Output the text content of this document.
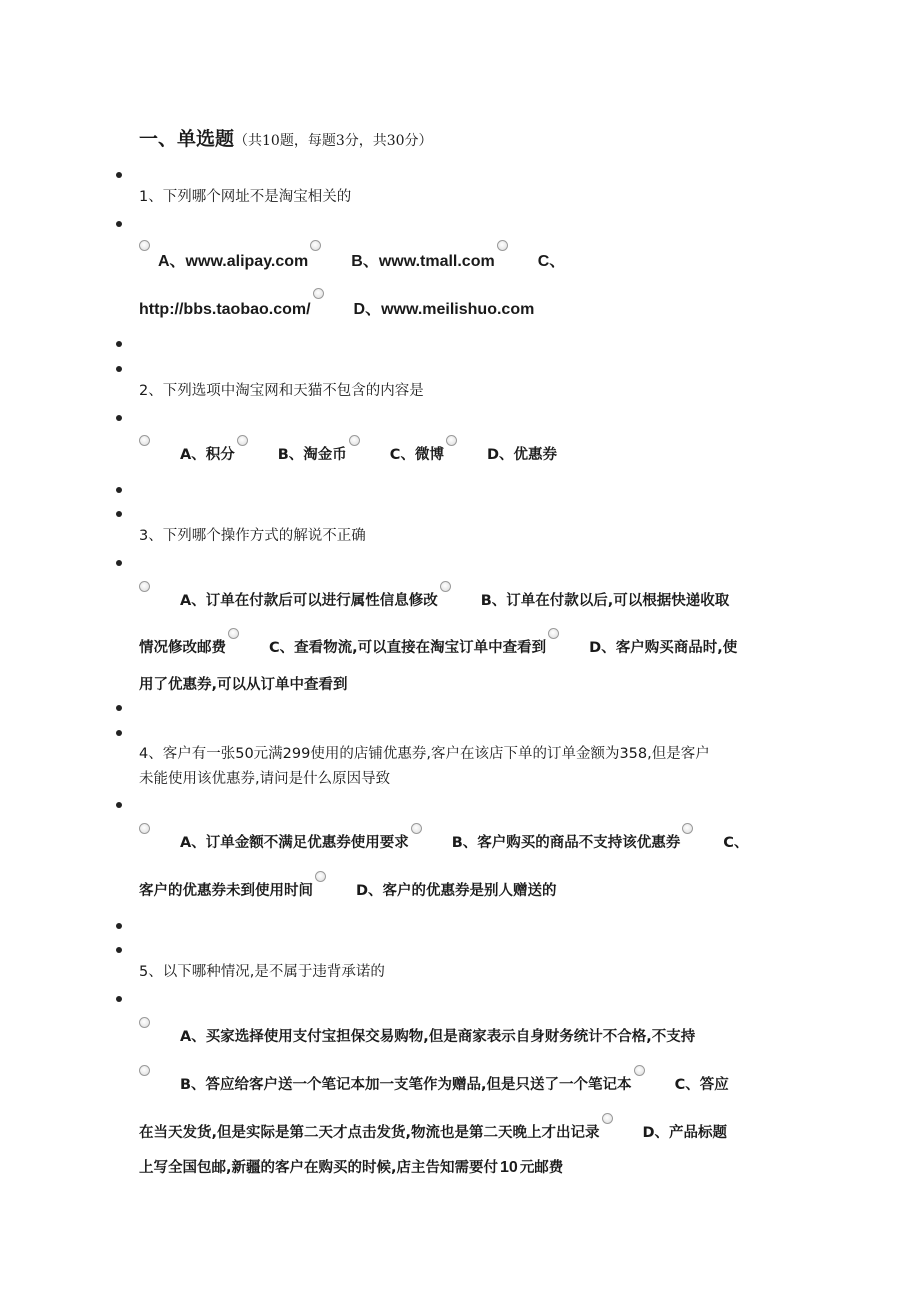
一、单选题（共10题，每题3分，共30分）
1、下列哪个网址不是淘宝相关的
A、www.alipay.com	B、www.tmall.com	C、
http://bbs.taobao.com/	D、www.meilishuo.com
2、下列选项中淘宝网和天猫不包含的内容是
A、积分	B、淘金币	C、微博	D、优惠券
3、下列哪个操作方式的解说不正确
A、订单在付款后可以进行属性信息修改	B、订单在付款以后,可以根据快递收取
情况修改邮费	C、查看物流,可以直接在淘宝订单中查看到	D、客户购买商品时,使
用了优惠券,可以从订单中查看到
4、客户有一张50元满299使用的店铺优惠券,客户在该店下单的订单金额为358,但是客户
未能使用该优惠券,请问是什么原因导致
A、订单金额不满足优惠券使用要求	B、客户购买的商品不支持该优惠券	C、
客户的优惠券未到使用时间	D、客户的优惠券是别人赠送的
5、以下哪种情况,是不属于违背承诺的
A、买家选择使用支付宝担保交易购物,但是商家表示自身财务统计不合格,不支持
B、答应给客户送一个笔记本加一支笔作为赠品,但是只送了一个笔记本	C、答应
在当天发货,但是实际是第二天才点击发货,物流也是第二天晚上才出记录	D、产品标题
上写全国包邮,新疆的客户在购买的时候,店主告知需要付 10 元邮费
